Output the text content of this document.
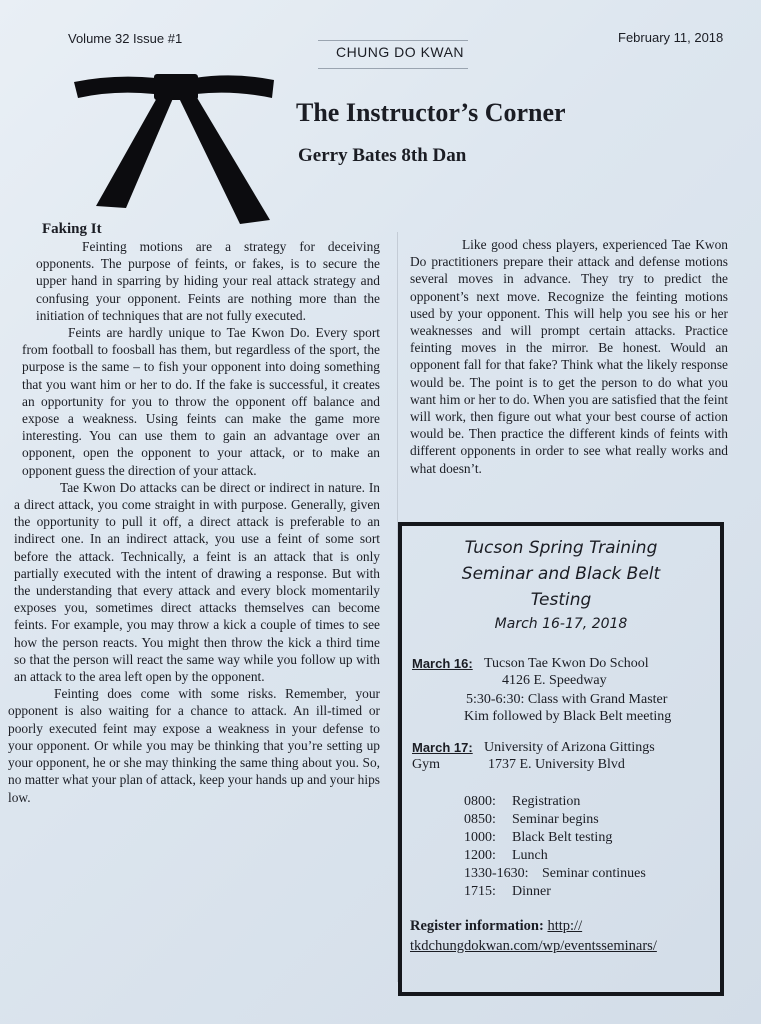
Volume 32 Issue #1
CHUNG DO KWAN
February 11, 2018
The Instructor’s Corner
Gerry Bates 8th Dan
Faking It

Feinting motions are a strategy for deceiving opponents. The purpose of feints, or fakes, is to secure the upper hand in sparring by hiding your real attack strategy and confusing your opponent. Feints are nothing more than the initiation of techniques that are not fully executed.

Feints are hardly unique to Tae Kwon Do. Every sport from football to foosball has them, but regardless of the sport, the purpose is the same – to fish your opponent into doing something that you want him or her to do. If the fake is successful, it creates an opportunity for you to throw the opponent off balance and expose a weakness. Using feints can make the game more interesting. You can use them to gain an advantage over an opponent, open the opponent to your attack, or to make an opponent guess the direction of your attack.

Tae Kwon Do attacks can be direct or indirect in nature. In a direct attack, you come straight in with purpose. Generally, given the opportunity to pull it off, a direct attack is preferable to an indirect one. In an indirect attack, you use a feint of some sort before the attack. Technically, a feint is an attack that is only partially executed with the intent of drawing a response. But with the understanding that every attack and every block momentarily exposes you, sometimes direct attacks themselves can become feints. For example, you may throw a kick a couple of times to see how the person reacts. You might then throw the kick a third time so that the person will react the same way while you follow up with an attack to the area left open by the opponent.

Feinting does come with some risks. Remember, your opponent is also waiting for a chance to attack. An ill-timed or poorly executed feint may expose a weakness in your defense to your opponent. Or while you may be thinking that you’re setting up your opponent, he or she may thinking the same thing about you. So, no matter what your plan of attack, keep your hands up and your hips low.

Like good chess players, experienced Tae Kwon Do practitioners prepare their attack and defense motions several moves in advance. They try to predict the opponent’s next move. Recognize the feinting motions used by your opponent. This will help you see his or her weaknesses and will prompt certain attacks. Practice feinting moves in the mirror. Be honest. Would an opponent fall for that fake? Think what the likely response would be. The point is to get the person to do what you want him or her to do. When you are satisfied that the feint will work, then figure out what your best course of action would be. Then practice the different kinds of feints with different opponents in order to see what really works and what doesn’t.

Tucson Spring Training
Seminar and Black Belt
Testing
March 16-17, 2018
March 16: Tucson Tae Kwon Do School
4126 E. Speedway
5:30-6:30: Class with Grand Master
Kim followed by Black Belt meeting
March 17: University of Arizona Gittings
Gym	1737 E. University Blvd
0800: Registration
0850: Seminar begins
1000: Black Belt testing
1200: Lunch
1330-1630: Seminar continues
1715: Dinner
Register information: http://
tkdchungdokwan.com/wp/eventsseminars/
